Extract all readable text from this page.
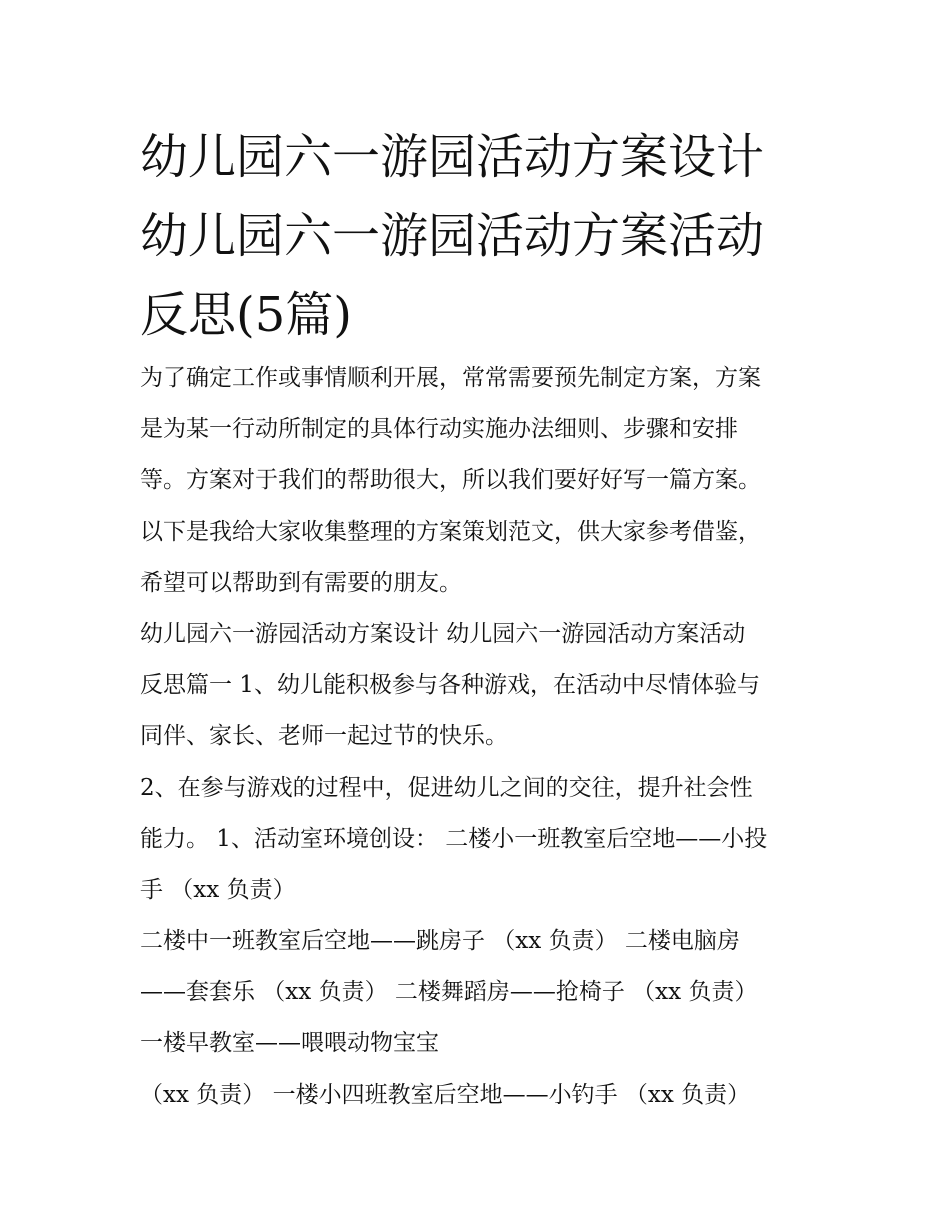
幼儿园六一游园活动方案设计
幼儿园六一游园活动方案活动
反思(5篇)
为了确定工作或事情顺利开展，常常需要预先制定方案，方案
是为某一行动所制定的具体行动实施办法细则、步骤和安排
等。方案对于我们的帮助很大，所以我们要好好写一篇方案。
以下是我给大家收集整理的方案策划范文，供大家参考借鉴，
希望可以帮助到有需要的朋友。
幼儿园六一游园活动方案设计 幼儿园六一游园活动方案活动
反思篇一 1、幼儿能积极参与各种游戏，在活动中尽情体验与
同伴、家长、老师一起过节的快乐。
2、在参与游戏的过程中，促进幼儿之间的交往，提升社会性
能力。 1、活动室环境创设： 二楼小一班教室后空地——小投
手 （xx 负责）
二楼中一班教室后空地——跳房子 （xx 负责） 二楼电脑房
——套套乐 （xx 负责） 二楼舞蹈房——抢椅子 （xx 负责）
一楼早教室——喂喂动物宝宝
（xx 负责） 一楼小四班教室后空地——小钓手 （xx 负责）
